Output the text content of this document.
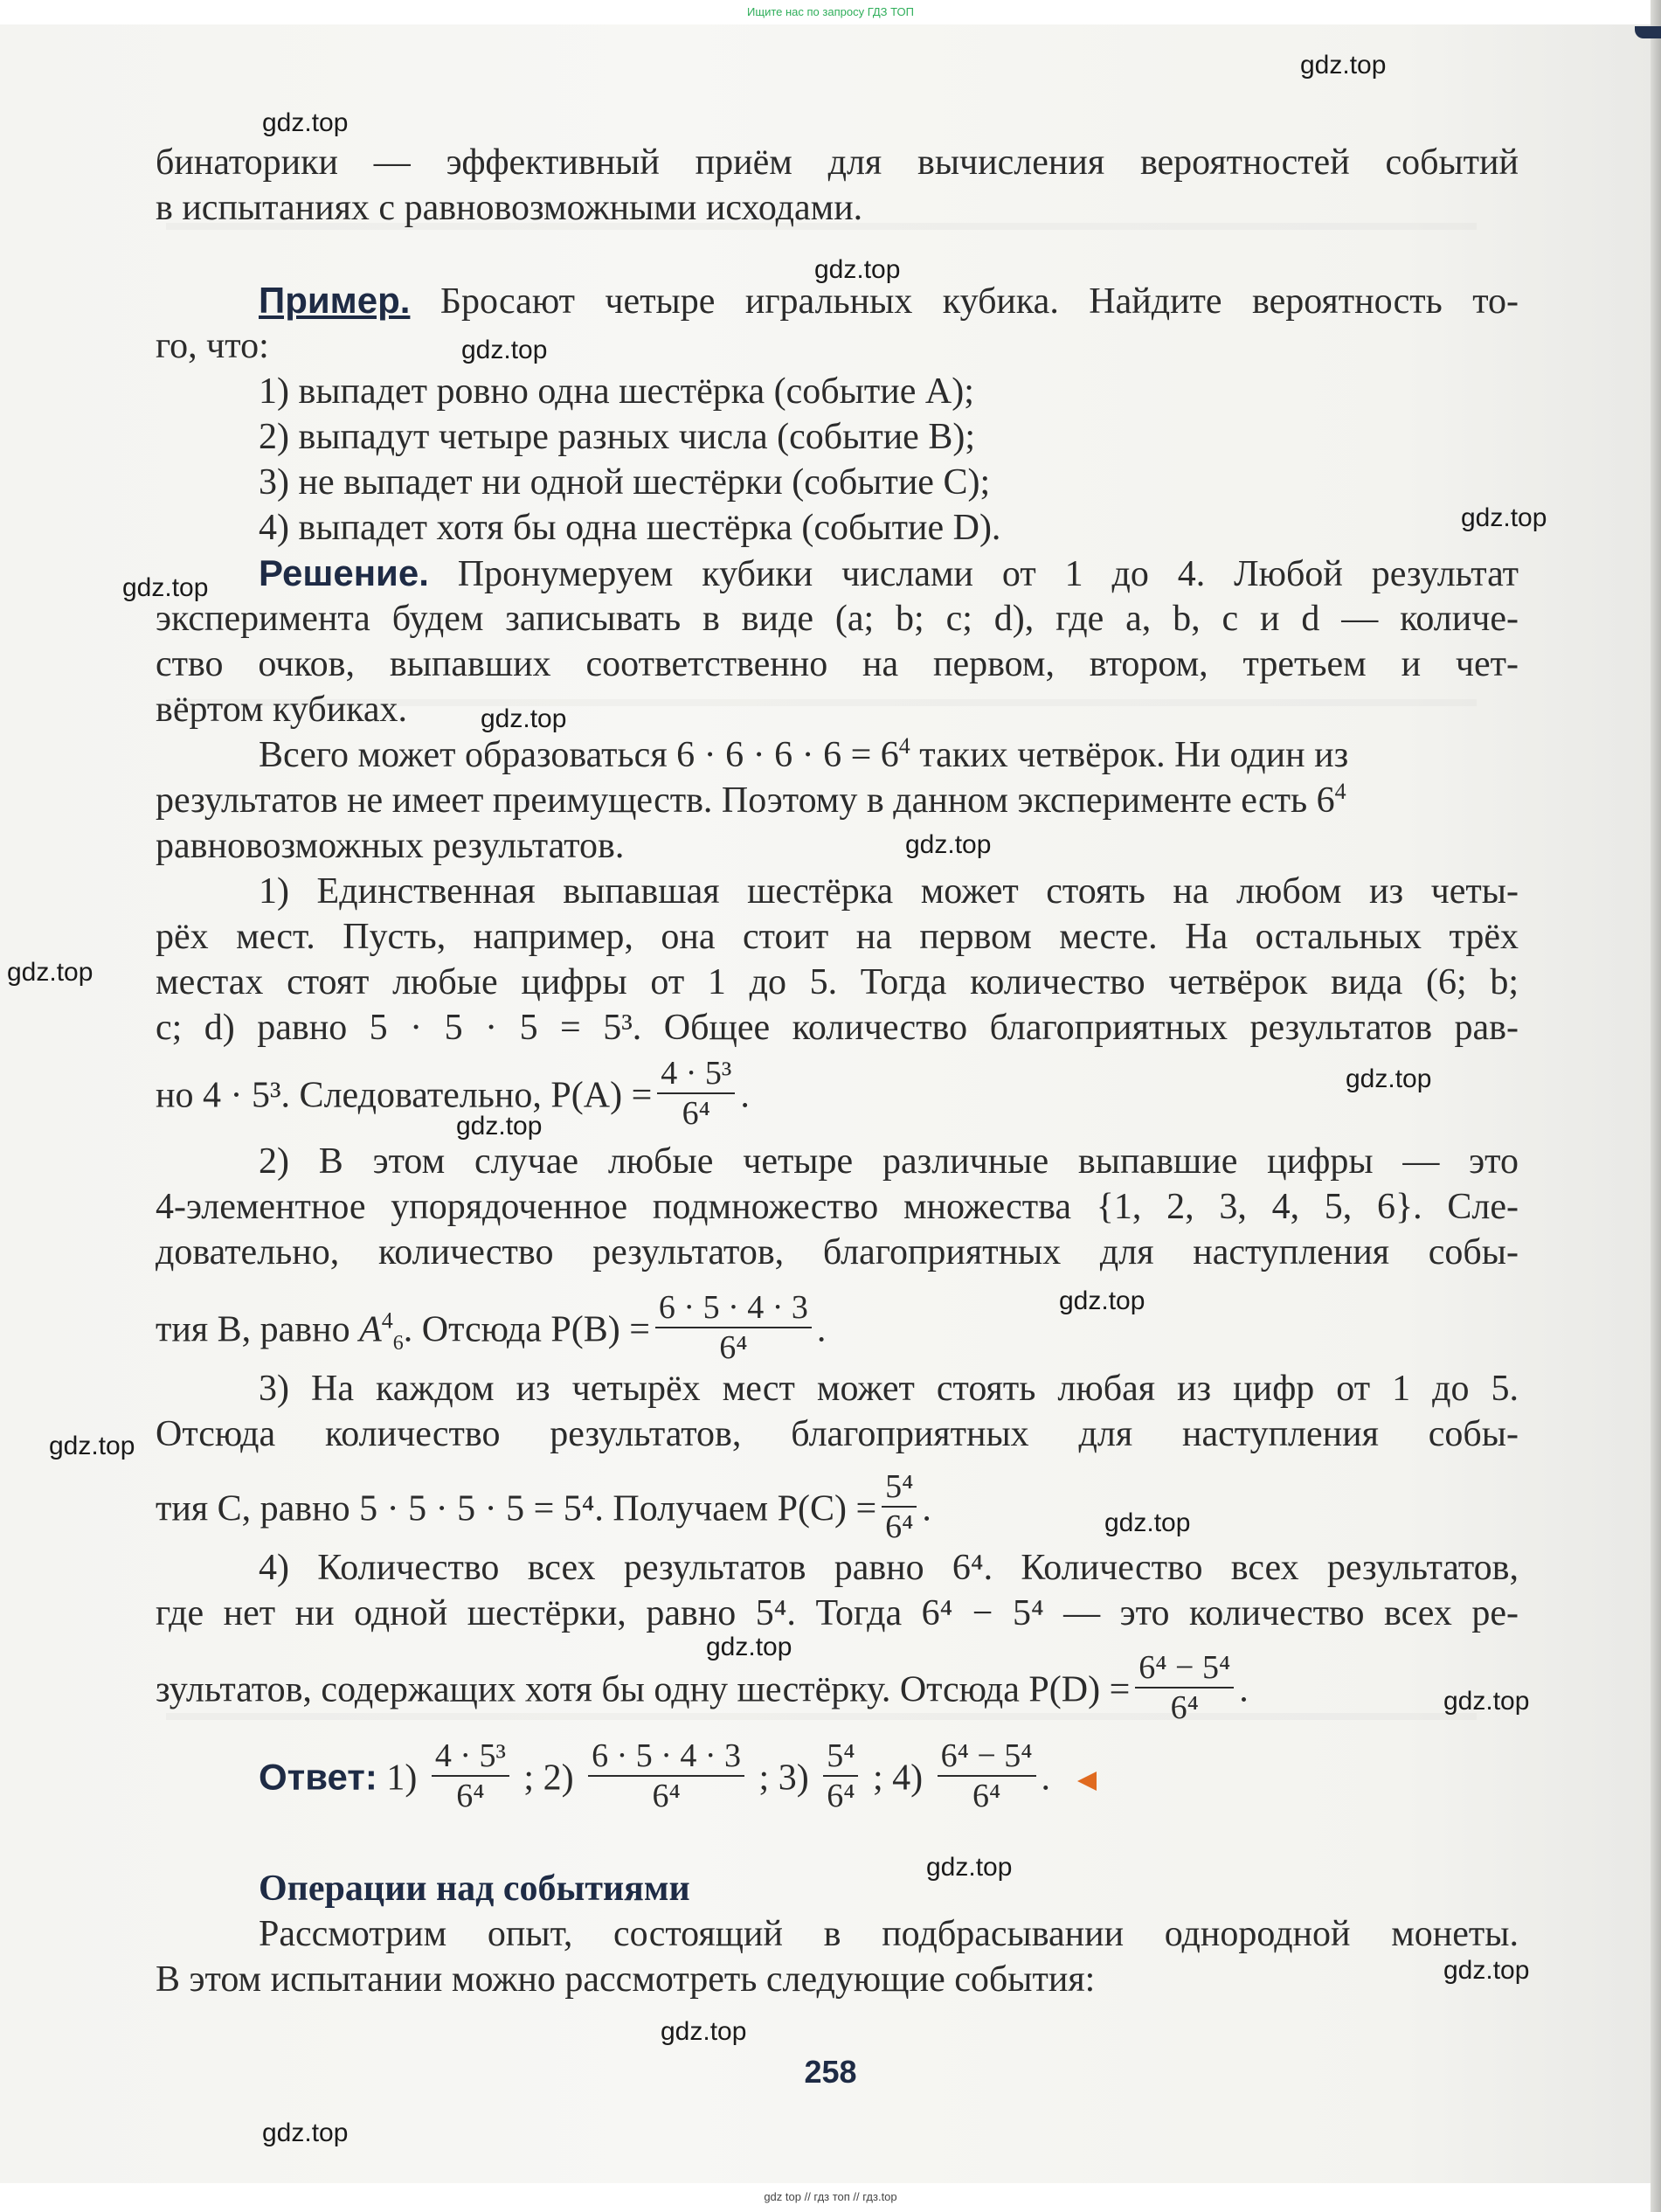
Ищите нас по запросу ГДЗ ТОП
бинаторики — эффективный приём для вычисления вероятностей событий
в испытаниях с равновозможными исходами.
Пример. Бросают четыре игральных кубика. Найдите вероятность то-
го, что:
1) выпадет ровно одна шестёрка (событие A);
2) выпадут четыре разных числа (событие B);
3) не выпадет ни одной шестёрки (событие C);
4) выпадет хотя бы одна шестёрка (событие D).
Решение. Пронумеруем кубики числами от 1 до 4. Любой результат
эксперимента будем записывать в виде (a; b; c; d), где a, b, c и d — количе-
ство очков, выпавших соответственно на первом, втором, третьем и чет-
вёртом кубиках.
Всего может образоваться $6 \cdot 6 \cdot 6 \cdot 6 = 6^4$ таких четвёрок. Ни один из
результатов не имеет преимуществ. Поэтому в данном эксперименте есть $6^4$
равновозможных результатов.
1) Единственная выпавшая шестёрка может стоять на любом из четы-
рёх мест. Пусть, например, она стоит на первом месте. На остальных трёх
местах стоят любые цифры от 1 до 5. Тогда количество четвёрок вида (6; b;
c; d) равно 5 · 5 · 5 = 5³. Общее количество благоприятных результатов рав-
но 4 · 5³. Следовательно, $P(A) = \frac{\text{4 · 5³}}{\text{6⁴}}$ .
2) В этом случае любые четыре различные выпавшие цифры — это
4-элементное упорядоченное подмножество множества {1, 2, 3, 4, 5, 6}. Сле-
довательно, количество результатов, благоприятных для наступления собы-
тия B, равно $A^4_6$. Отсюда $P(B) = \frac{6 \cdot 5 \cdot 4 \cdot 3}{\text{6⁴}}$ .
3) На каждом из четырёх мест может стоять любая из цифр от 1 до 5.
Отсюда количество результатов, благоприятных для наступления собы-
тия C, равно 5 · 5 · 5 · 5 = 5⁴. Получаем $P(C) = \frac{\text{5⁴}}{\text{6⁴}}$ .
4) Количество всех результатов равно 6⁴. Количество всех результатов,
где нет ни одной шестёрки, равно 5⁴. Тогда 6⁴ − 5⁴ — это количество всех ре-
зультатов, содержащих хотя бы одну шестёрку. Отсюда $P(D) = \frac{\text{6⁴ − 5⁴}}{\text{6⁴}}$ .
Ответ: $1) \frac{\text{4 · 5³}}{\text{6⁴}}$ ; $2) \frac{6 \cdot 5 \cdot 4 \cdot 3}{\text{6⁴}}$ ; $3) \frac{\text{5⁴}}{\text{6⁴}}$ ; $4) \frac{\text{6⁴ − 5⁴}}{\text{6⁴}}$ .
Операции над событиями
Рассмотрим опыт, состоящий в подбрасывании однородной монеты.
В этом испытании можно рассмотреть следующие события:
258
gdz.top
gdz.top
gdz.top
gdz.top
gdz.top
gdz.top
gdz.top
gdz.top
gdz.top
gdz.top
gdz.top
gdz.top
gdz.top
gdz.top
gdz.top
gdz.top
gdz.top
gdz.top
gdz.top
gdz.top
gdz top // гдз топ // гдз.top
